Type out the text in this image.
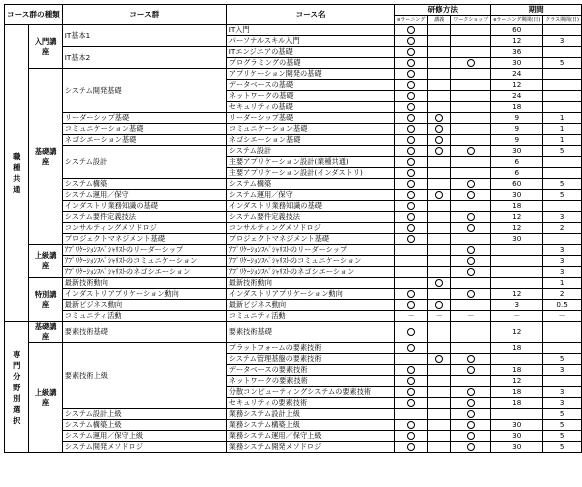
コース群の種類		コース群	コース名	研修方法			期間	
				eラーニング	講義	ワークショップ	eラーニング期間(日)	クラス期間(日)
職種共通	入門講座	IT基本1	IT入門				60	
			パーソナルスキル入門				12	3
		IT基本2	ITエンジニアの基礎				36	
			プログラミングの基礎				30	5
	基礎講座	システム開発基礎	アプリケーション開発の基礎				24	
			データベースの基礎				12	
			ネットワークの基礎				24	
			セキュリティの基礎				18	
		リーダーシップ基礎	リーダーシップ基礎				9	1
		コミュニケーション基礎	コミュニケーション基礎				9	1
		ネゴシエーション基礎	ネゴシエーション基礎				9	1
		システム設計	システム設計				30	5
			主要アプリケーション設計(業種共通)				6	
			主要アプリケーション設計(インダストリ)				6	
		システム構築	システム構築				60	5
		システム運用／保守	システム運用／保守				30	5
		インダストリ業務知識の基礎	インダストリ業務知識の基礎				18	
		システム要件定義技法	システム要件定義技法				12	3
		コンサルティングメソドロジ	コンサルティングメソドロジ				12	2
		プロジェクトマネジメント基礎	プロジェクトマネジメント基礎				30	
	上級講座	ｱﾌﾟﾘｹｰｼｮﾝｽﾍﾟｼｬﾘｽﾄのリーダーシップ	ｱﾌﾟﾘｹｰｼｮﾝｽﾍﾟｼｬﾘｽﾄのリーダーシップ					3
		ｱﾌﾟﾘｹｰｼｮﾝｽﾍﾟｼｬﾘｽﾄのコミュニケーション	ｱﾌﾟﾘｹｰｼｮﾝｽﾍﾟｼｬﾘｽﾄのコミュニケーション					3
		ｱﾌﾟﾘｹｰｼｮﾝｽﾍﾟｼｬﾘｽﾄのネゴシエーション	ｱﾌﾟﾘｹｰｼｮﾝｽﾍﾟｼｬﾘｽﾄのネゴシエーション					3
	特別講座	最新技術動向	最新技術動向					1
		インダストリアプリケーション動向	インダストリアプリケーション動向				12	2
		最新ビジネス動向	最新ビジネス動向				3	0.5
		コミュニティ活動	コミュニティ活動	－	－	－	－	－
専門分野別選択	基礎講座	要素技術基礎	要素技術基礎				12	
	上級講座	要素技術上級	プラットフォームの要素技術				18	
			システム管理基盤の要素技術					5
			データベースの要素技術				18	3
			ネットワークの要素技術				12	
			分散コンピューティングシステムの要素技術				18	3
			セキュリティの要素技術				18	3
		システム設計上級	業務システム設計上級					5
		システム構築上級	業務システム構築上級				30	5
		システム運用／保守上級	業務システム運用／保守上級				30	5
		システム開発メソドロジ	業務システム開発メソドロジ				30	5
